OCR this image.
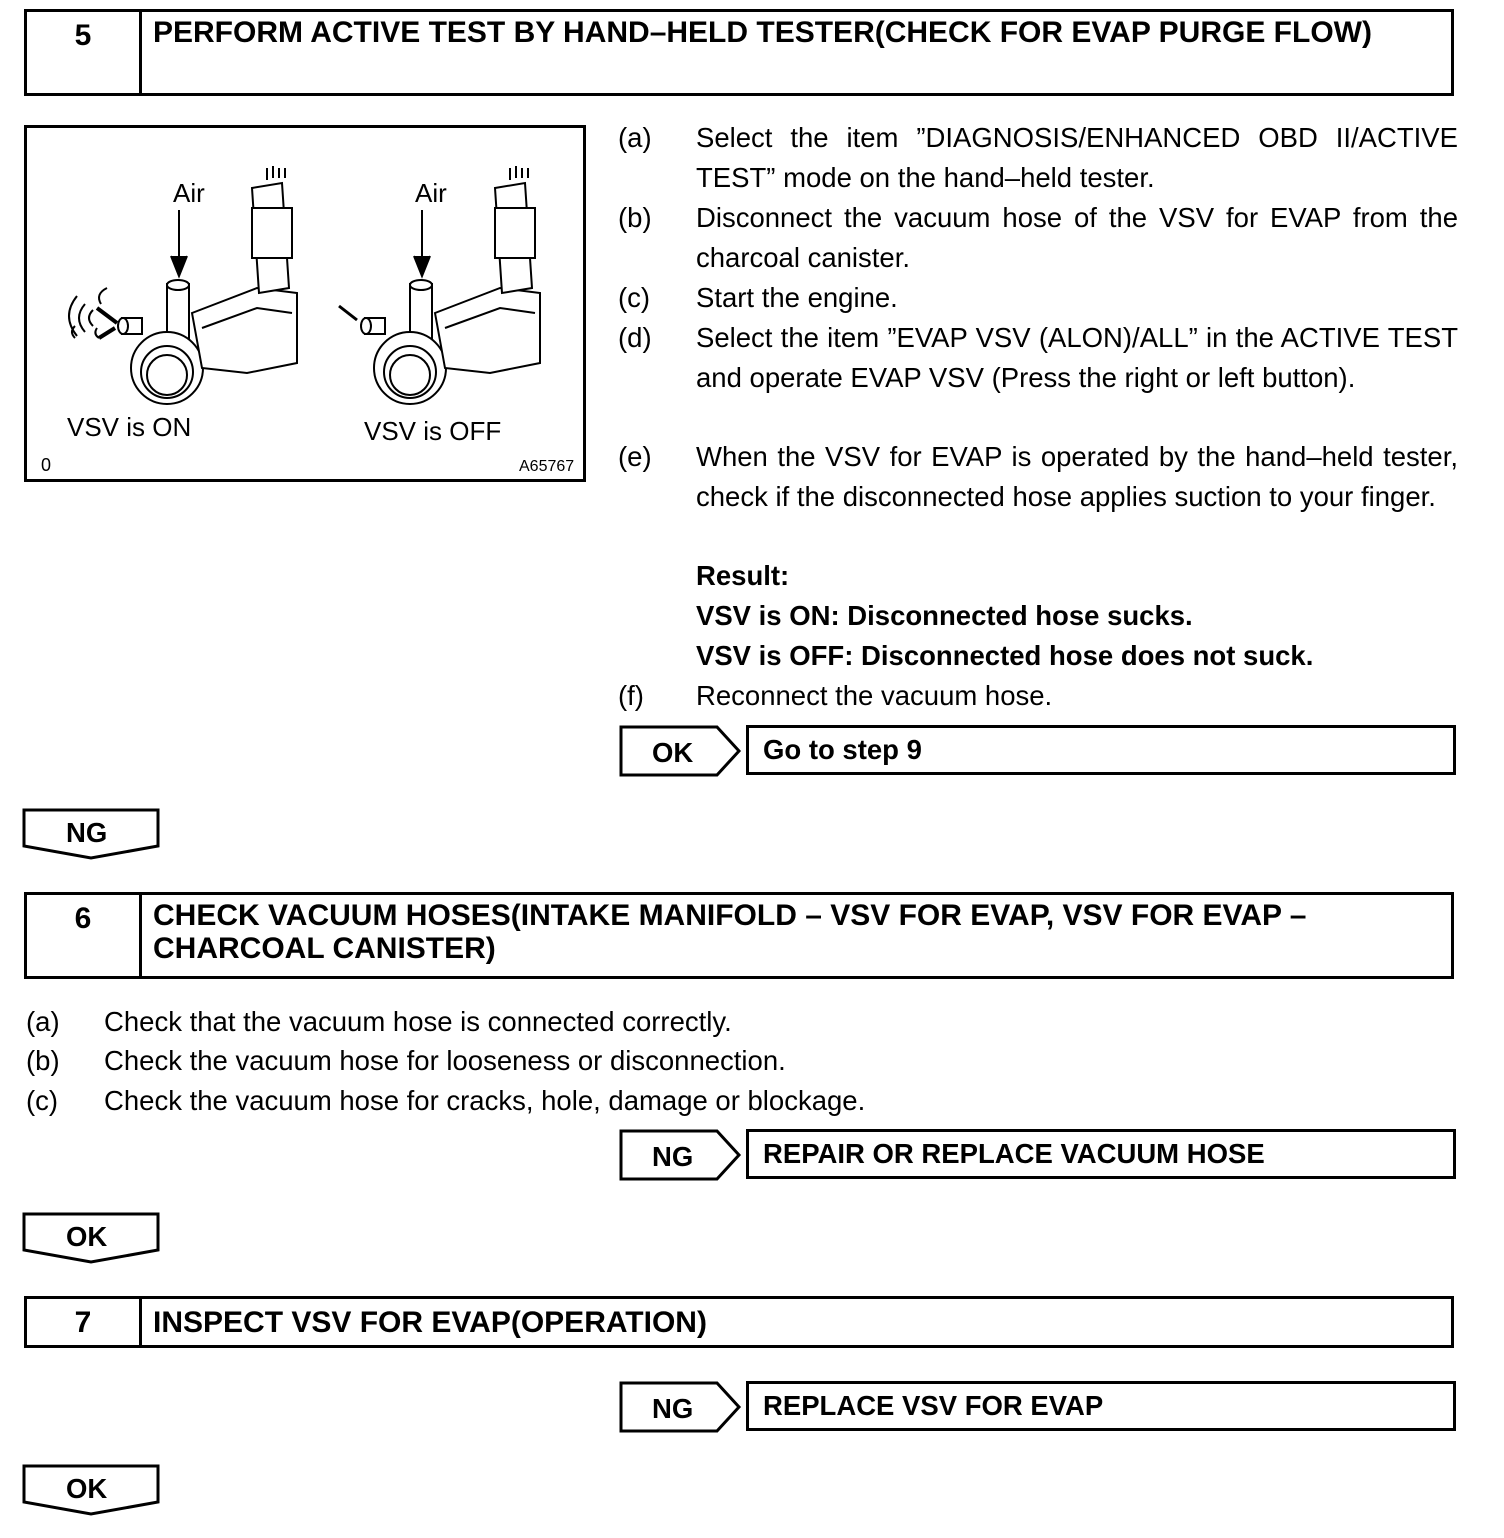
5	PERFORM ACTIVE TEST BY HAND–HELD TESTER(CHECK FOR EVAP PURGE FLOW)
Air	Air
VSV is ON	VSV is OFF
0	A65767
(a)	Select the item ”DIAGNOSIS/ENHANCED OBD II/ACTIVE TEST” mode on the hand–held tester.
(b)	Disconnect the vacuum hose of the VSV for EVAP from the charcoal canister.
(c)	Start the engine.
(d)	Select the item ”EVAP VSV (ALON)/ALL” in the ACTIVE TEST and operate EVAP VSV (Press the right or left button).
(e)	When the VSV for EVAP is operated by the hand–held tester, check if the disconnected hose applies suction to your finger.
Result:
VSV is ON: Disconnected hose sucks.
VSV is OFF: Disconnected hose does not suck.
(f)	Reconnect the vacuum hose.
OK	Go to step 9
NG
6	CHECK VACUUM HOSES(INTAKE MANIFOLD – VSV FOR EVAP, VSV FOR EVAP – CHARCOAL CANISTER)
(a)	Check that the vacuum hose is connected correctly.
(b)	Check the vacuum hose for looseness or disconnection.
(c)	Check the vacuum hose for cracks, hole, damage or blockage.
NG	REPAIR OR REPLACE VACUUM HOSE
OK
7	INSPECT VSV FOR EVAP(OPERATION)
NG	REPLACE VSV FOR EVAP
OK
